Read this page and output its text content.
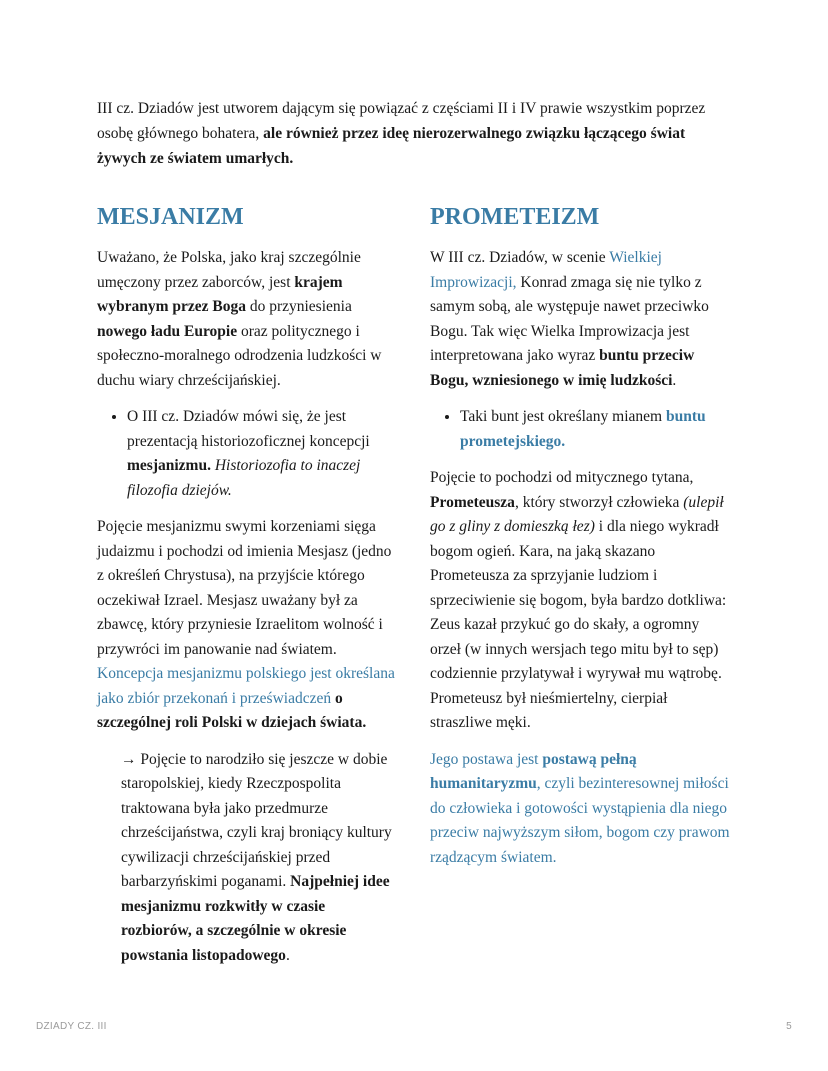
III cz. Dziadów jest utworem dającym się powiązać z częściami II i IV prawie wszystkim poprzez osobę głównego bohatera, ale również przez ideę nierozerwalnego związku łączącego świat żywych ze światem umarłych.
MESJANIZM

Uważano, że Polska, jako kraj szczególnie umęczony przez zaborców, jest krajem wybranym przez Boga do przyniesienia nowego ładu Europie oraz politycznego i społeczno-moralnego odrodzenia ludzkości w duchu wiary chrześcijańskiej.

• O III cz. Dziadów mówi się, że jest prezentacją historiozoficznej koncepcji mesjanizmu. Historiozofia to inaczej filozofia dziejów.

Pojęcie mesjanizmu swymi korzeniami sięga judaizmu i pochodzi od imienia Mesjasz (jedno z określeń Chrystusa), na przyjście którego oczekiwał Izrael. Mesjasz uważany był za zbawcę, który przyniesie Izraelitom wolność i przywróci im panowanie nad światem. Koncepcja mesjanizmu polskiego jest określana jako zbiór przekonań i przeświadczeń o szczególnej roli Polski w dziejach świata.

→ Pojęcie to narodziło się jeszcze w dobie staropolskiej, kiedy Rzeczpospolita traktowana była jako przedmurze chrześcijaństwa, czyli kraj broniący kultury cywilizacji chrześcijańskiej przed barbarzyńskimi poganami. Najpełniej idee mesjanizmu rozkwitły w czasie rozbiorów, a szczególnie w okresie powstania listopadowego.

PROMETEIZM

W III cz. Dziadów, w scenie Wielkiej Improwizacji, Konrad zmaga się nie tylko z samym sobą, ale występuje nawet przeciwko Bogu. Tak więc Wielka Improwizacja jest interpretowana jako wyraz buntu przeciw Bogu, wzniesionego w imię ludzkości.

• Taki bunt jest określany mianem buntu prometejskiego.

Pojęcie to pochodzi od mitycznego tytana, Prometeusza, który stworzył człowieka (ulepił go z gliny z domieszką łez) i dla niego wykradł bogom ogień. Kara, na jaką skazano Prometeusza za sprzyjanie ludziom i sprzeciwienie się bogom, była bardzo dotkliwa: Zeus kazał przykuć go do skały, a ogromny orzeł (w innych wersjach tego mitu był to sęp) codziennie przylatywał i wyrywał mu wątrobę. Prometeusz był nieśmiertelny, cierpiał straszliwe męki.

Jego postawa jest postawą pełną humanitaryzmu, czyli bezinteresownej miłości do człowieka i gotowości wystąpienia dla niego przeciw najwyższym siłom, bogom czy prawom rządzącym światem.

DZIADY CZ. III	5
